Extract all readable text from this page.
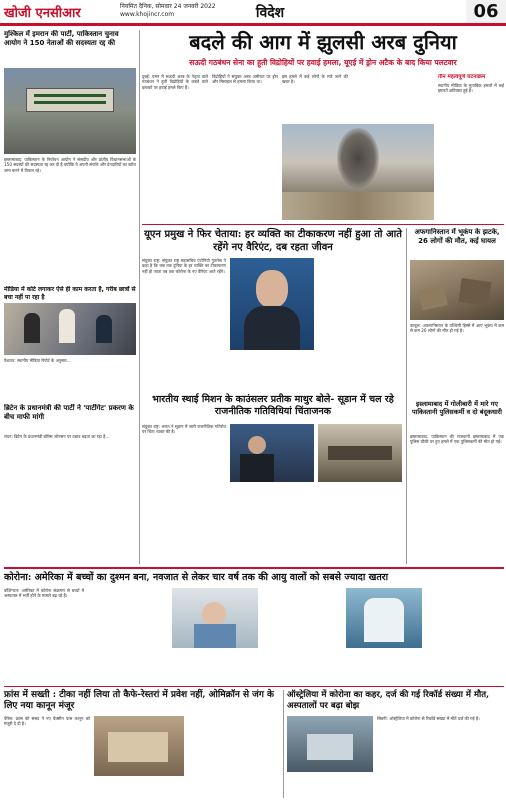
खोजी एनसीआर	नियमित दैनिक, सोमवार 24 जनवरी 2022
www.khojincr.com	विदेश	06
मुश्किल में इमरान की पार्टी, पाकिस्तान चुनाव आयोग ने 150 नेताओं की सदस्यता रद्द की
इस्लामाबाद: पाकिस्तान के निर्वाचन आयोग ने संसदीय और प्रांतीय विधानसभाओं के 150 सदस्यों की सदस्यता रद्द कर दी है क्योंकि वे अपनी संपत्ति और देनदारियों का ब्योरा जमा करने में विफल रहे।
मीडिया में कोटे लगाकर ऐसे ही काम करता है, गरीब छात्रों से बचा नहीं पा रहा है
पेशावर: स्थानीय मीडिया रिपोर्ट के अनुसार...
ब्रिटेन के प्रधानमंत्री की पार्टी ने 'पार्टीगेट' प्रकरण के बीच माफी मांगी
लंदन: ब्रिटेन के प्रधानमंत्री बोरिस जॉनसन पर दबाव बढ़ता जा रहा है...
बदले की आग में झुलसी अरब दुनिया
सऊदी गठबंधन सेना का हूती विद्रोहियों पर हवाई हमला, यूएई में ड्रोन अटैक के बाद किया पलटवार
दुबई: यमन में सऊदी अरब के नेतृत्व वाले गठबंधन ने हूती विद्रोहियों के कब्जे वाले इलाकों पर हवाई हमले किए हैं।
विद्रोहियों ने संयुक्त अरब अमीरात पर ड्रोन और मिसाइल से हमला किया था।
इस हमले में कई लोगों के मारे जाने की खबर है।
तीन महत्वपूर्ण घटनाक्रम
स्थानीय मीडिया के मुताबिक हमलों में कई इमारतें क्षतिग्रस्त हुई हैं।
यूएन प्रमुख ने फिर चेताया: हर व्यक्ति का टीकाकरण नहीं हुआ तो आते रहेंगे नए वैरिएंट, दब रहता जीवन
संयुक्त राष्ट्र: संयुक्त राष्ट्र महासचिव एंटोनियो गुतारेस ने कहा है कि जब तक दुनिया के हर व्यक्ति का टीकाकरण नहीं हो जाता तब तक कोरोना के नए वैरिएंट आते रहेंगे।
अफगानिस्तान में भूकंप के झटके, 26 लोगों की मौत, कई घायल
काबुल: अफगानिस्तान के पश्चिमी हिस्से में आए भूकंप में कम से कम 26 लोगों की मौत हो गई है।
भारतीय स्थाई मिशन के काउंसलर प्रतीक माथुर बोले- सूडान में चल रहे राजनीतिक गतिविधियां चिंताजनक
संयुक्त राष्ट्र: भारत ने सूडान में जारी राजनीतिक गतिरोध पर चिंता व्यक्त की है।
इस्लामाबाद में गोलीबारी में मारे गए पाकिस्तानी पुलिसकर्मी व दो बंदूकधारी
इस्लामाबाद: पाकिस्तान की राजधानी इस्लामाबाद में एक पुलिस चौकी पर हुए हमले में एक पुलिसकर्मी की मौत हो गई।
कोरोना: अमेरिका में बच्चों का दुश्मन बना, नवजात से लेकर चार वर्ष तक की आयु वालों को सबसे ज्यादा खतरा
वॉशिंगटन: अमेरिका में कोरोना संक्रमण से बच्चों में अस्पताल में भर्ती होने के मामले बढ़ रहे हैं।
फ्रांस में सख्ती : टीका नहीं लिया तो कैफे-रेस्तरां में प्रवेश नहीं, ओमिक्रॉन से जंग के लिए नया कानून मंजूर
पेरिस: फ्रांस की संसद ने नए वैक्सीन पास कानून को मंजूरी दे दी है।
ऑस्ट्रेलिया में कोरोना का कहर, दर्ज की गई रिकॉर्ड संख्या में मौत, अस्पतालों पर बढ़ा बोझ
सिडनी: ऑस्ट्रेलिया में कोरोना से रिकॉर्ड संख्या में मौतें दर्ज की गई हैं।
